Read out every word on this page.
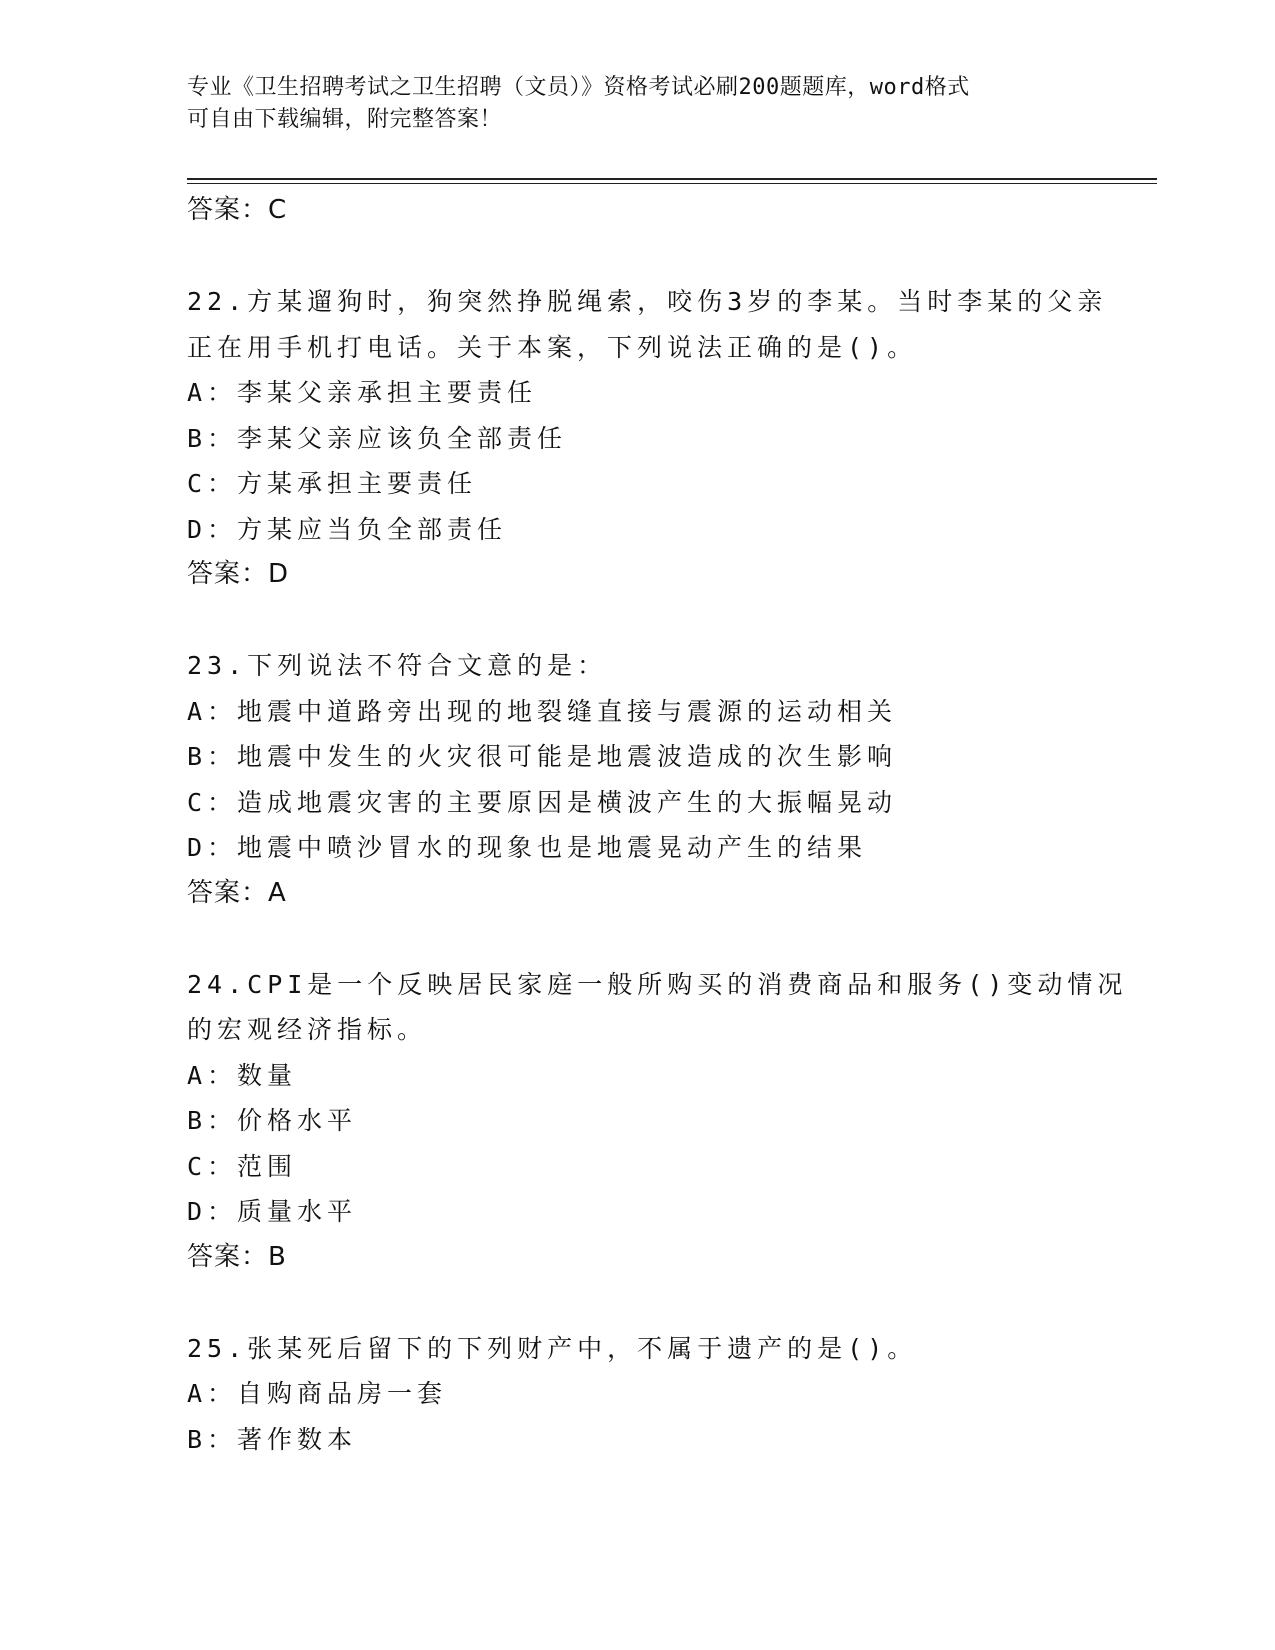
专业《卫生招聘考试之卫生招聘（文员）》资格考试必刷200题题库，word格式
可自由下载编辑，附完整答案！
答案：C
22.方某遛狗时，狗突然挣脱绳索，咬伤3岁的李某。当时李某的父亲
正在用手机打电话。关于本案，下列说法正确的是()。
A：李某父亲承担主要责任
B：李某父亲应该负全部责任
C：方某承担主要责任
D：方某应当负全部责任
答案：D
23.下列说法不符合文意的是：
A：地震中道路旁出现的地裂缝直接与震源的运动相关
B：地震中发生的火灾很可能是地震波造成的次生影响
C：造成地震灾害的主要原因是横波产生的大振幅晃动
D：地震中喷沙冒水的现象也是地震晃动产生的结果
答案：A
24.CPI是一个反映居民家庭一般所购买的消费商品和服务()变动情况
的宏观经济指标。
A：数量
B：价格水平
C：范围
D：质量水平
答案：B
25.张某死后留下的下列财产中，不属于遗产的是()。
A：自购商品房一套
B：著作数本
